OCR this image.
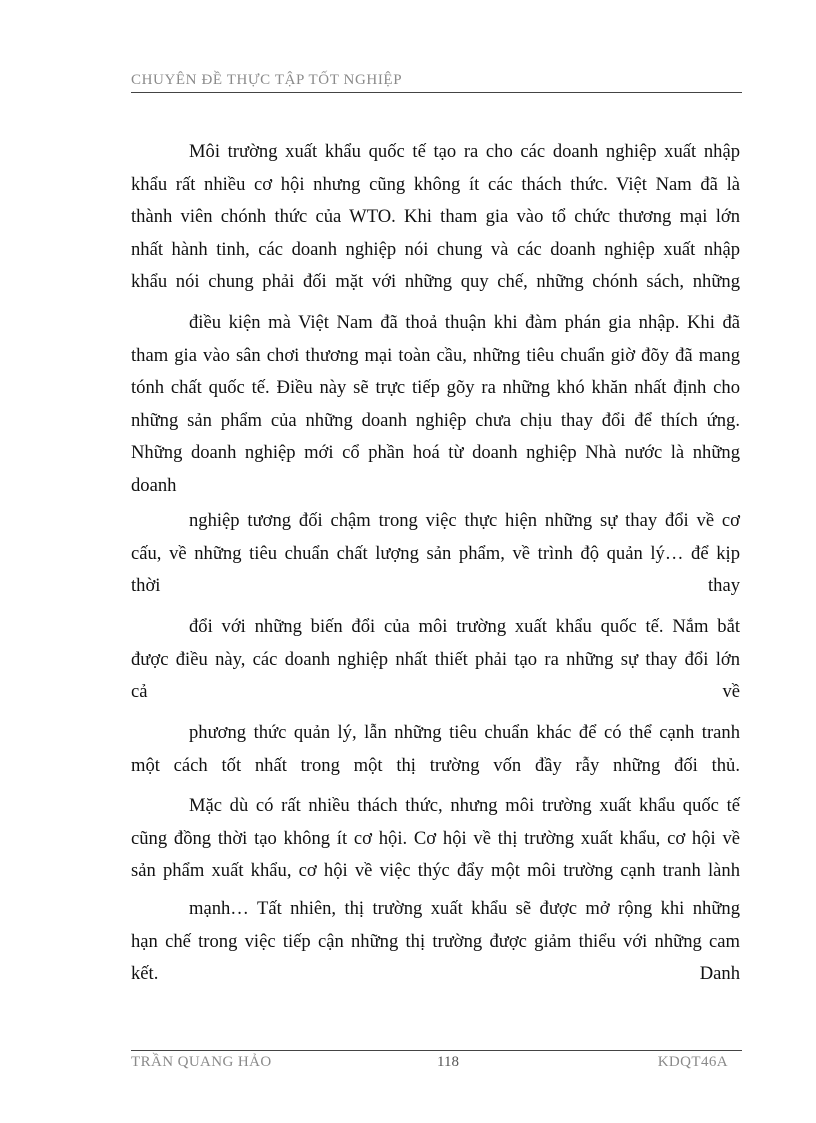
CHUYÊN ĐỀ THỰC TẬP TỐT NGHIỆP
Môi trường xuất khẩu quốc tế tạo ra cho các doanh nghiệp xuất nhập
khẩu rất nhiều cơ hội nhưng cũng không ít các thách thức. Việt Nam đã là
thành viên chónh thức của WTO. Khi tham gia vào tổ chức thương mại lớn
nhất hành tinh, các doanh nghiệp nói chung và các doanh nghiệp xuất nhập
khẩu nói chung phải đối mặt với những quy chế, những chónh sách, những
điều kiện mà Việt Nam đã thoả thuận khi đàm phán gia nhập. Khi đã
tham gia vào sân chơi thương mại toàn cầu, những tiêu chuẩn giờ đõy đã mang
tónh chất quốc tế. Điều này sẽ trực tiếp gõy ra những khó khăn nhất định cho
những sản phẩm của những doanh nghiệp chưa chịu thay đổi để thích ứng.
Những doanh nghiệp mới cổ phần hoá từ doanh nghiệp Nhà nước là những
doanh
nghiệp tương đối chậm trong việc thực hiện những sự thay đổi về cơ
cấu, về những tiêu chuẩn chất lượng sản phẩm, về trình độ quản lý… để kịp
thời	thay
đổi với những biến đổi của môi trường xuất khẩu quốc tế. Nắm bắt
được điều này, các doanh nghiệp nhất thiết phải tạo ra những sự thay đổi lớn
cả	về
phương thức quản lý, lẫn những tiêu chuẩn khác để có thể cạnh tranh
một cách tốt nhất trong một thị trường vốn đầy rẫy những đối thủ.
Mặc dù có rất nhiều thách thức, nhưng môi trường xuất khẩu quốc tế
cũng đồng thời tạo không ít cơ hội. Cơ hội về thị trường xuất khẩu, cơ hội về
sản phẩm xuất khẩu, cơ hội về việc thýc đẩy một môi trường cạnh tranh lành
mạnh… Tất nhiên, thị trường xuất khẩu sẽ được mở rộng khi những
hạn chế trong việc tiếp cận những thị trường được giảm thiểu với những cam
kết.	Danh
TRẦN QUANG HẢO	118	KDQT46A
